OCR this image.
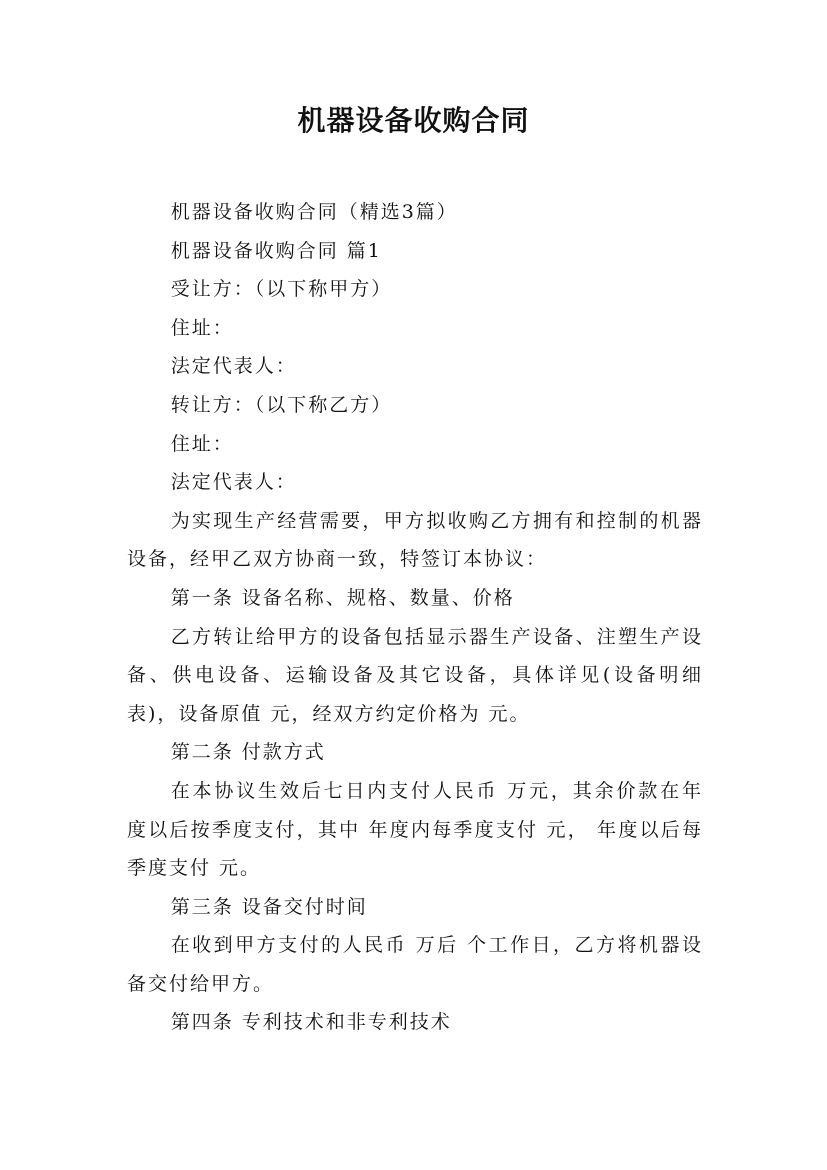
机器设备收购合同

机器设备收购合同（精选3篇）

机器设备收购合同 篇1

受让方：（以下称甲方）

住址：

法定代表人：

转让方：（以下称乙方）

住址：

法定代表人：

为实现生产经营需要，甲方拟收购乙方拥有和控制的机器设备，经甲乙双方协商一致，特签订本协议：

第一条 设备名称、规格、数量、价格

乙方转让给甲方的设备包括显示器生产设备、注塑生产设备、供电设备、运输设备及其它设备，具体详见(设备明细表)，设备原值 元，经双方约定价格为 元。

第二条 付款方式

在本协议生效后七日内支付人民币 万元，其余价款在年度以后按季度支付，其中 年度内每季度支付 元， 年度以后每季度支付 元。

第三条 设备交付时间

在收到甲方支付的人民币 万后 个工作日，乙方将机器设备交付给甲方。

第四条 专利技术和非专利技术
